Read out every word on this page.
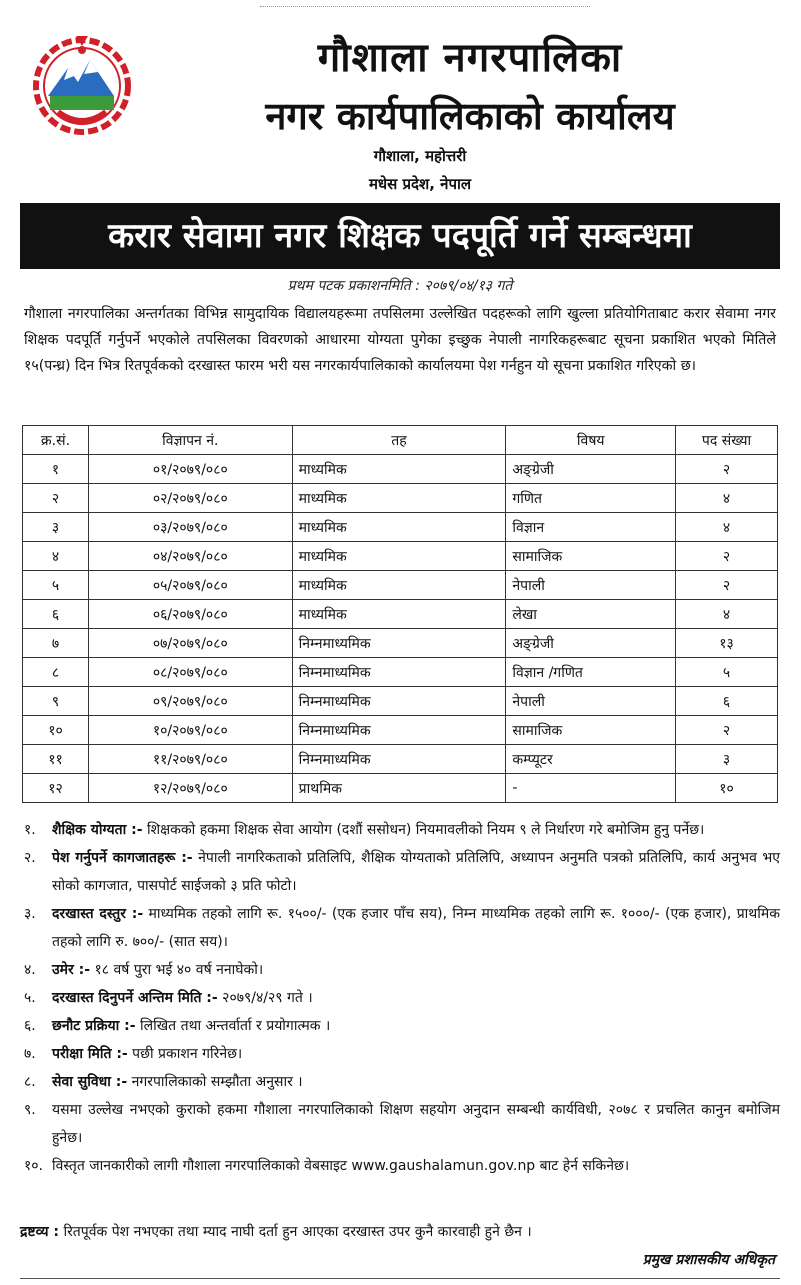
गौशाला नगरपालिका
नगर कार्यपालिकाको कार्यालय
गौशाला, महोत्तरी
मधेस प्रदेश, नेपाल
करार सेवामा नगर शिक्षक पदपूर्ति गर्ने सम्बन्धमा
प्रथम पटक प्रकाशनमिति : २०७९/०४/१३ गते
गौशाला नगरपालिका अन्तर्गतका विभिन्न सामुदायिक विद्यालयहरूमा तपसिलमा उल्लेखित पदहरूको लागि खुल्ला प्रतियोगिताबाट करार सेवामा नगर शिक्षक पदपूर्ति गर्नुपर्ने भएकोले तपसिलका विवरणको आधारमा योग्यता पुगेका इच्छुक नेपाली नागरिकहरूबाट सूचना प्रकाशित भएको मितिले १५(पन्ध्र) दिन भित्र रितपूर्वकको दरखास्त फारम भरी यस नगरकार्यपालिकाको कार्यालयमा पेश गर्नहुन यो सूचना प्रकाशित गरिएको छ।
क्र.सं.	विज्ञापन नं.	तह	विषय	पद संख्या
१	०१/२०७९/०८०	माध्यमिक	अङ्ग्रेजी	२
२	०२/२०७९/०८०	माध्यमिक	गणित	४
३	०३/२०७९/०८०	माध्यमिक	विज्ञान	४
४	०४/२०७९/०८०	माध्यमिक	सामाजिक	२
५	०५/२०७९/०८०	माध्यमिक	नेपाली	२
६	०६/२०७९/०८०	माध्यमिक	लेखा	४
७	०७/२०७९/०८०	निम्नमाध्यमिक	अङ्ग्रेजी	१३
८	०८/२०७९/०८०	निम्नमाध्यमिक	विज्ञान /गणित	५
९	०९/२०७९/०८०	निम्नमाध्यमिक	नेपाली	६
१०	१०/२०७९/०८०	निम्नमाध्यमिक	सामाजिक	२
११	११/२०७९/०८०	निम्नमाध्यमिक	कम्प्यूटर	३
१२	१२/२०७९/०८०	प्राथमिक	-	१०
१.	शैक्षिक योग्यता :- शिक्षकको हकमा शिक्षक सेवा आयोग (दशौं ससोधन) नियमावलीको नियम ९ ले निर्धारण गरे बमोजिम हुनु पर्नेछ।
२.	पेश गर्नुपर्ने कागजातहरू :- नेपाली नागरिकताको प्रतिलिपि, शैक्षिक योग्यताको प्रतिलिपि, अध्यापन अनुमति पत्रको प्रतिलिपि, कार्य अनुभव भए सोको कागजात, पासपोर्ट साईजको ३ प्रति फोटो।
३.	दरखास्त दस्तुर :- माध्यमिक तहको लागि रू. १५००/- (एक हजार पाँच सय), निम्न माध्यमिक तहको लागि रू. १०००/- (एक हजार), प्राथमिक तहको लागि रु. ७००/- (सात सय)।
४.	उमेर :- १८ वर्ष पुरा भई ४० वर्ष ननाघेको।
५.	दरखास्त दिनुपर्ने अन्तिम मिति :- २०७९/४/२९ गते ।
६.	छनौट प्रक्रिया :- लिखित तथा अन्तर्वार्ता र प्रयोगात्मक ।
७.	परीक्षा मिति :- पछी प्रकाशन गरिनेछ।
८.	सेवा सुविधा :- नगरपालिकाको सम्झौता अनुसार ।
९.	यसमा उल्लेख नभएको कुराको हकमा गौशाला नगरपालिकाको शिक्षण सहयोग अनुदान सम्बन्धी कार्यविधी, २०७८ र प्रचलित कानुन बमोजिम हुनेछ।
१०. विस्तृत जानकारीको लागी गौशाला नगरपालिकाको वेबसाइट www.gaushalamun.gov.np बाट हेर्न सकिनेछ।
द्रष्टव्य : रितपूर्वक पेश नभएका तथा म्याद नाघी दर्ता हुन आएका दरखास्त उपर कुनै कारवाही हुने छैन ।
प्रमुख प्रशासकीय अधिकृत
